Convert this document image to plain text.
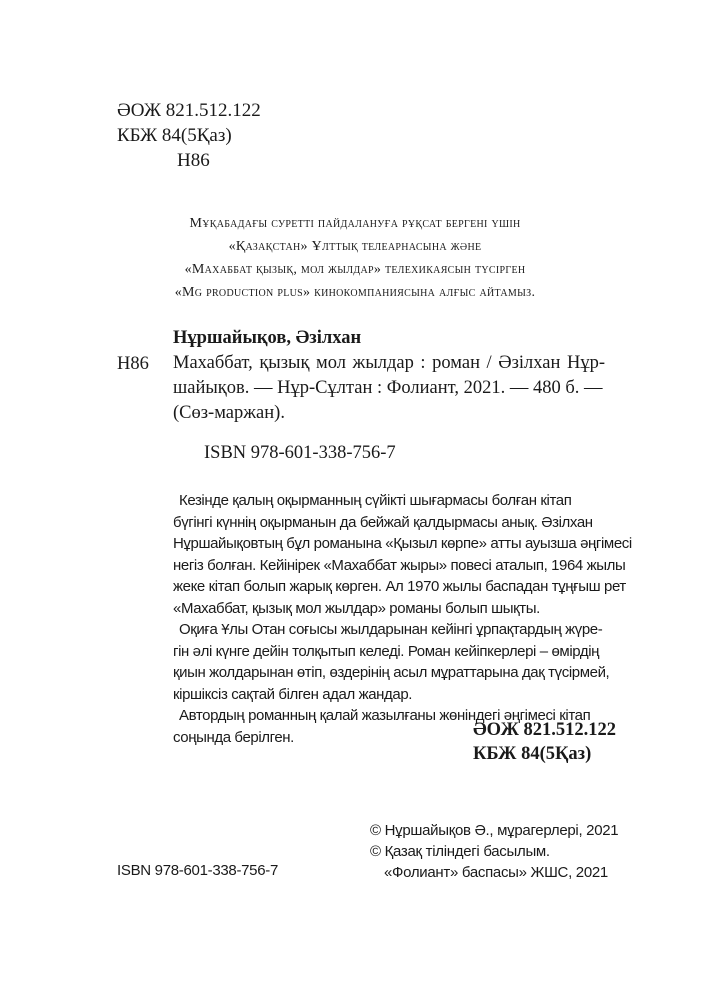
ӘОЖ 821.512.122
КБЖ 84(5Қаз)
Н86
Мұқабадағы суретті пайдалануға рұқсат бергені үшін
«Қазақстан» Ұлттық телеарнасына және
«Махаббат қызық, мол жылдар» телехикаясын түсірген
«Mg production plus» кинокомпаниясына алғыс айтамыз.
Нұршайықов, Әзілхан
Н86 Махаббат, қызық мол жылдар : роман / Әзілхан Нұр-
шайықов. — Нұр-Сұлтан : Фолиант, 2021. — 480 б. —
(Сөз-маржан).
ISBN 978-601-338-756-7
Кезінде қалың оқырманның сүйікті шығармасы болған кітап
бүгінгі күннің оқырманын да бейжай қалдырмасы анық. Әзілхан
Нұршайықовтың бұл романына «Қызыл көрпе» атты ауызша әңгімесі
негіз болған. Кейінірек «Махаббат жыры» повесі аталып, 1964 жылы
жеке кітап болып жарық көрген. Ал 1970 жылы баспадан тұңғыш рет
«Махаббат, қызық мол жылдар» романы болып шықты.
Оқиға Ұлы Отан соғысы жылдарынан кейінгі ұрпақтардың жүре-
гін әлі күнге дейін толқытып келеді. Роман кейіпкерлері – өмірдің
қиын жолдарынан өтіп, өздерінің асыл мұраттарына дақ түсірмей,
кіршіксіз сақтай білген адал жандар.
Автордың романның қалай жазылғаны жөніндегі әңгімесі кітап
соңында берілген.	ӘОЖ 821.512.122
КБЖ 84(5Қаз)
© Нұршайықов Ә., мұрагерлері, 2021
© Қазақ тіліндегі басылым.
«Фолиант» баспасы» ЖШС, 2021
ISBN 978-601-338-756-7
